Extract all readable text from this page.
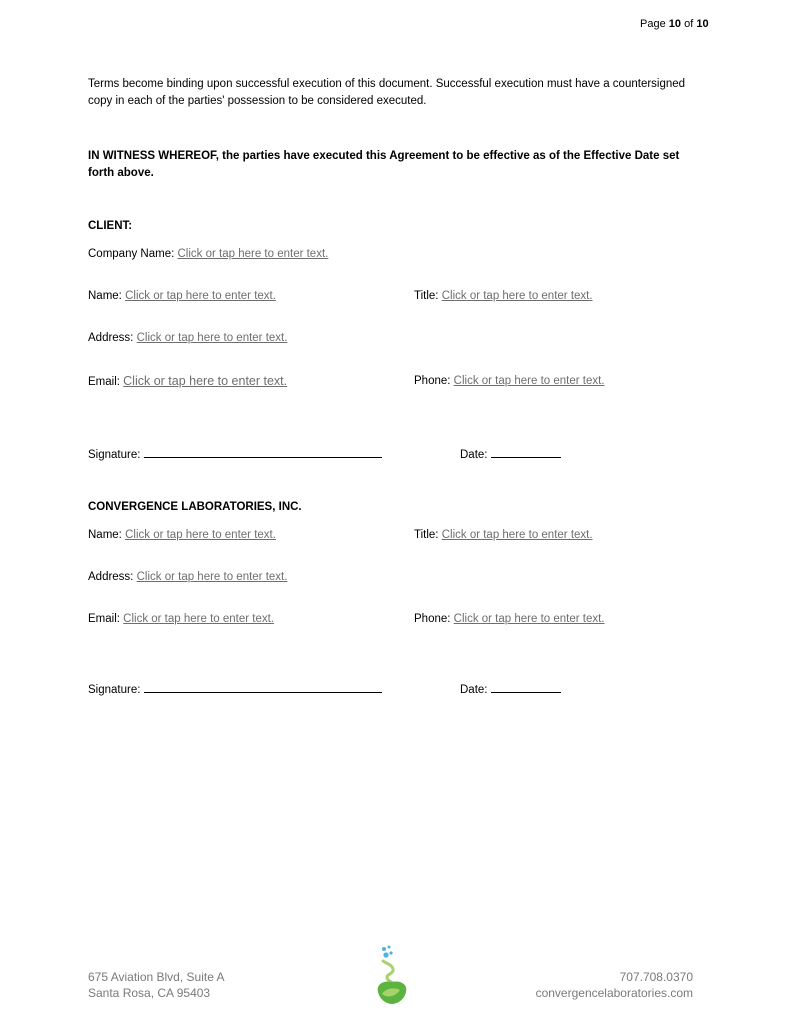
Page 10 of 10
Terms become binding upon successful execution of this document. Successful execution must have a countersigned copy in each of the parties' possession to be considered executed.
IN WITNESS WHEREOF, the parties have executed this Agreement to be effective as of the Effective Date set forth above.
CLIENT:
Company Name: Click or tap here to enter text.
Name: Click or tap here to enter text.	Title: Click or tap here to enter text.
Address: Click or tap here to enter text.
Email: Click or tap here to enter text.	Phone: Click or tap here to enter text.
Signature:	Date:
CONVERGENCE LABORATORIES, INC.
Name: Click or tap here to enter text.	Title: Click or tap here to enter text.
Address: Click or tap here to enter text.
Email: Click or tap here to enter text.	Phone: Click or tap here to enter text.
Signature:	Date:
675 Aviation Blvd, Suite A
Santa Rosa, CA 95403
707.708.0370
convergencelaboratories.com
